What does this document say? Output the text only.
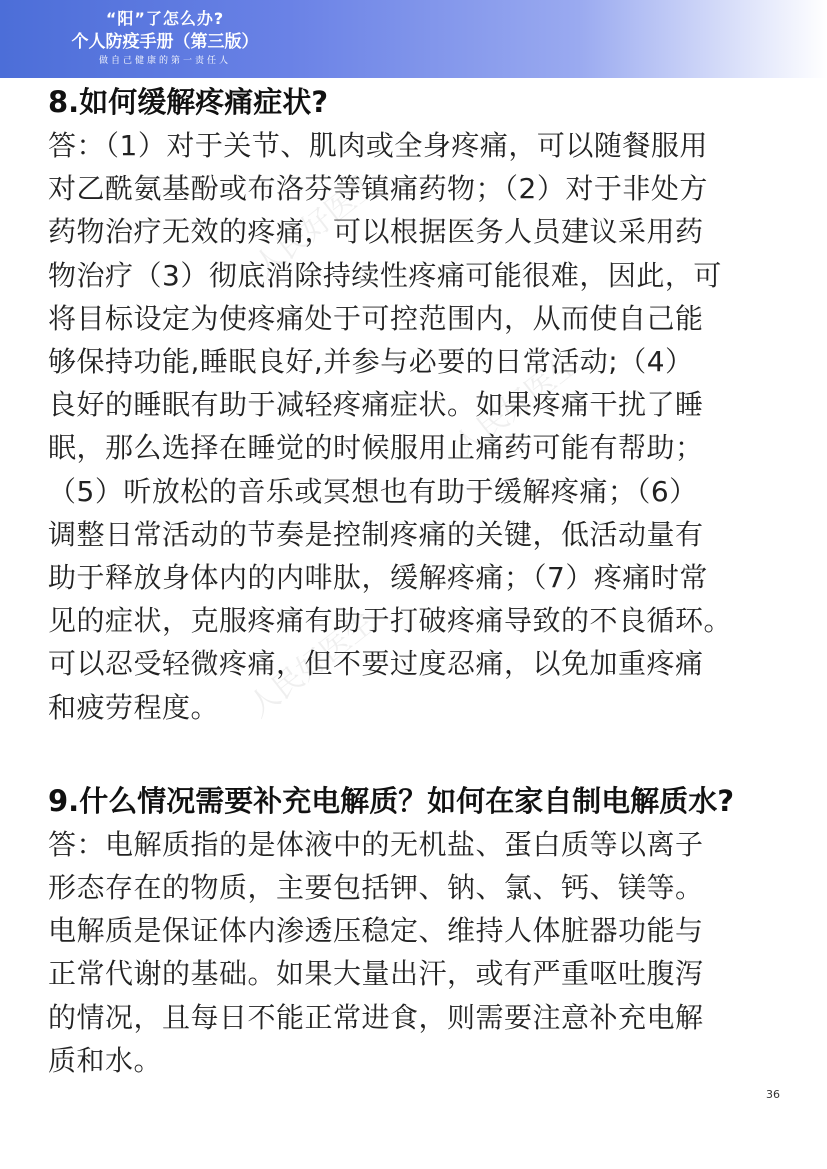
“阳”了怎么办?
个人防疫手册（第三版）
做自己健康的第一责任人
人民好医生
人民好医生
人民好医生
8.如何缓解疼痛症状?

答：（1）对于关节、肌肉或全身疼痛，可以随餐服用
对乙酰氨基酚或布洛芬等镇痛药物；（2）对于非处方
药物治疗无效的疼痛，可以根据医务人员建议采用药
物治疗（3）彻底消除持续性疼痛可能很难，因此，可
将目标设定为使疼痛处于可控范围内，从而使自己能
够保持功能,睡眠良好,并参与必要的日常活动;（4）
良好的睡眠有助于减轻疼痛症状。如果疼痛干扰了睡
眠，那么选择在睡觉的时候服用止痛药可能有帮助；
（5）听放松的音乐或冥想也有助于缓解疼痛；（6）
调整日常活动的节奏是控制疼痛的关键，低活动量有
助于释放身体内的内啡肽，缓解疼痛；（7）疼痛时常
见的症状，克服疼痛有助于打破疼痛导致的不良循环。
可以忍受轻微疼痛，但不要过度忍痛，以免加重疼痛
和疲劳程度。

9.什么情况需要补充电解质？如何在家自制电解质水?

答：电解质指的是体液中的无机盐、蛋白质等以离子
形态存在的物质，主要包括钾、钠、氯、钙、镁等。
电解质是保证体内渗透压稳定、维持人体脏器功能与
正常代谢的基础。如果大量出汗，或有严重呕吐腹泻
的情况，且每日不能正常进食，则需要注意补充电解
质和水。

36
